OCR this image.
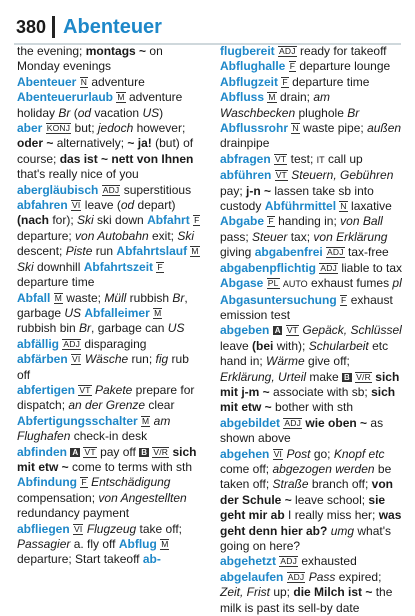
380 Abenteuer

the evening; montags ~ on Monday evenings

Abenteuer N adventure

Abenteuerurlaub M adventure holiday Br (od vacation US)

aber KONJ but; jedoch however; oder ~ alternatively; ~ ja! (but) of course; das ist ~ nett von Ihnen that's really nice of you

abergläubisch ADJ superstitious

abfahren VI leave (od depart) (nach for); Ski ski down Abfahrt F departure; von Autobahn exit; Ski descent; Piste run Abfahrtslauf M Ski downhill Abfahrtszeit F departure time

Abfall M waste; Müll rubbish Br, garbage US Abfalleimer M rubbish bin Br, garbage can US

abfällig ADJ disparaging

abfärben VI Wäsche run; fig rub off

abfertigen VT Pakete prepare for dispatch; an der Grenze clear Abfertigungsschalter M am Flughafen check-in desk

abfinden A VT pay off B V/R sich mit etw ~ come to terms with sth Abfindung F Entschädigung compensation; von Angestellten redundancy payment

abfliegen VI Flugzeug take off; Passagier a. fly off Abflug M departure; Start takeoff ab-

flugbereit ADJ ready for takeoff Abflughalle F departure lounge Abflugzeit F departure time

Abfluss M drain; am Waschbecken plughole Br Abflussrohr N waste pipe; außen drainpipe

abfragen VT test; IT call up

abführen VT Steuern, Gebühren pay; j-n ~ lassen take sb into custody Abführmittel N laxative

Abgabe F handing in; von Ball pass; Steuer tax; von Erklärung giving abgabenfrei ADJ tax-free abgabenpflichtig ADJ liable to tax

Abgase PL AUTO exhaust fumes pl Abgasuntersuchung F exhaust emission test

abgeben A VT Gepäck, Schlüssel leave (bei with); Schularbeit etc hand in; Wärme give off; Erklärung, Urteil make B V/R sich mit j-m ~ associate with sb; sich mit etw ~ bother with sth

abgebildet ADJ wie oben ~ as shown above

abgehen VI Post go; Knopf etc come off; abgezogen werden be taken off; Straße branch off; von der Schule ~ leave school; sie geht mir ab I really miss her; was geht denn hier ab? umg what's going on here?

abgehetzt ADJ exhausted

abgelaufen ADJ Pass expired; Zeit, Frist up; die Milch ist ~ the milk is past its sell-by date
